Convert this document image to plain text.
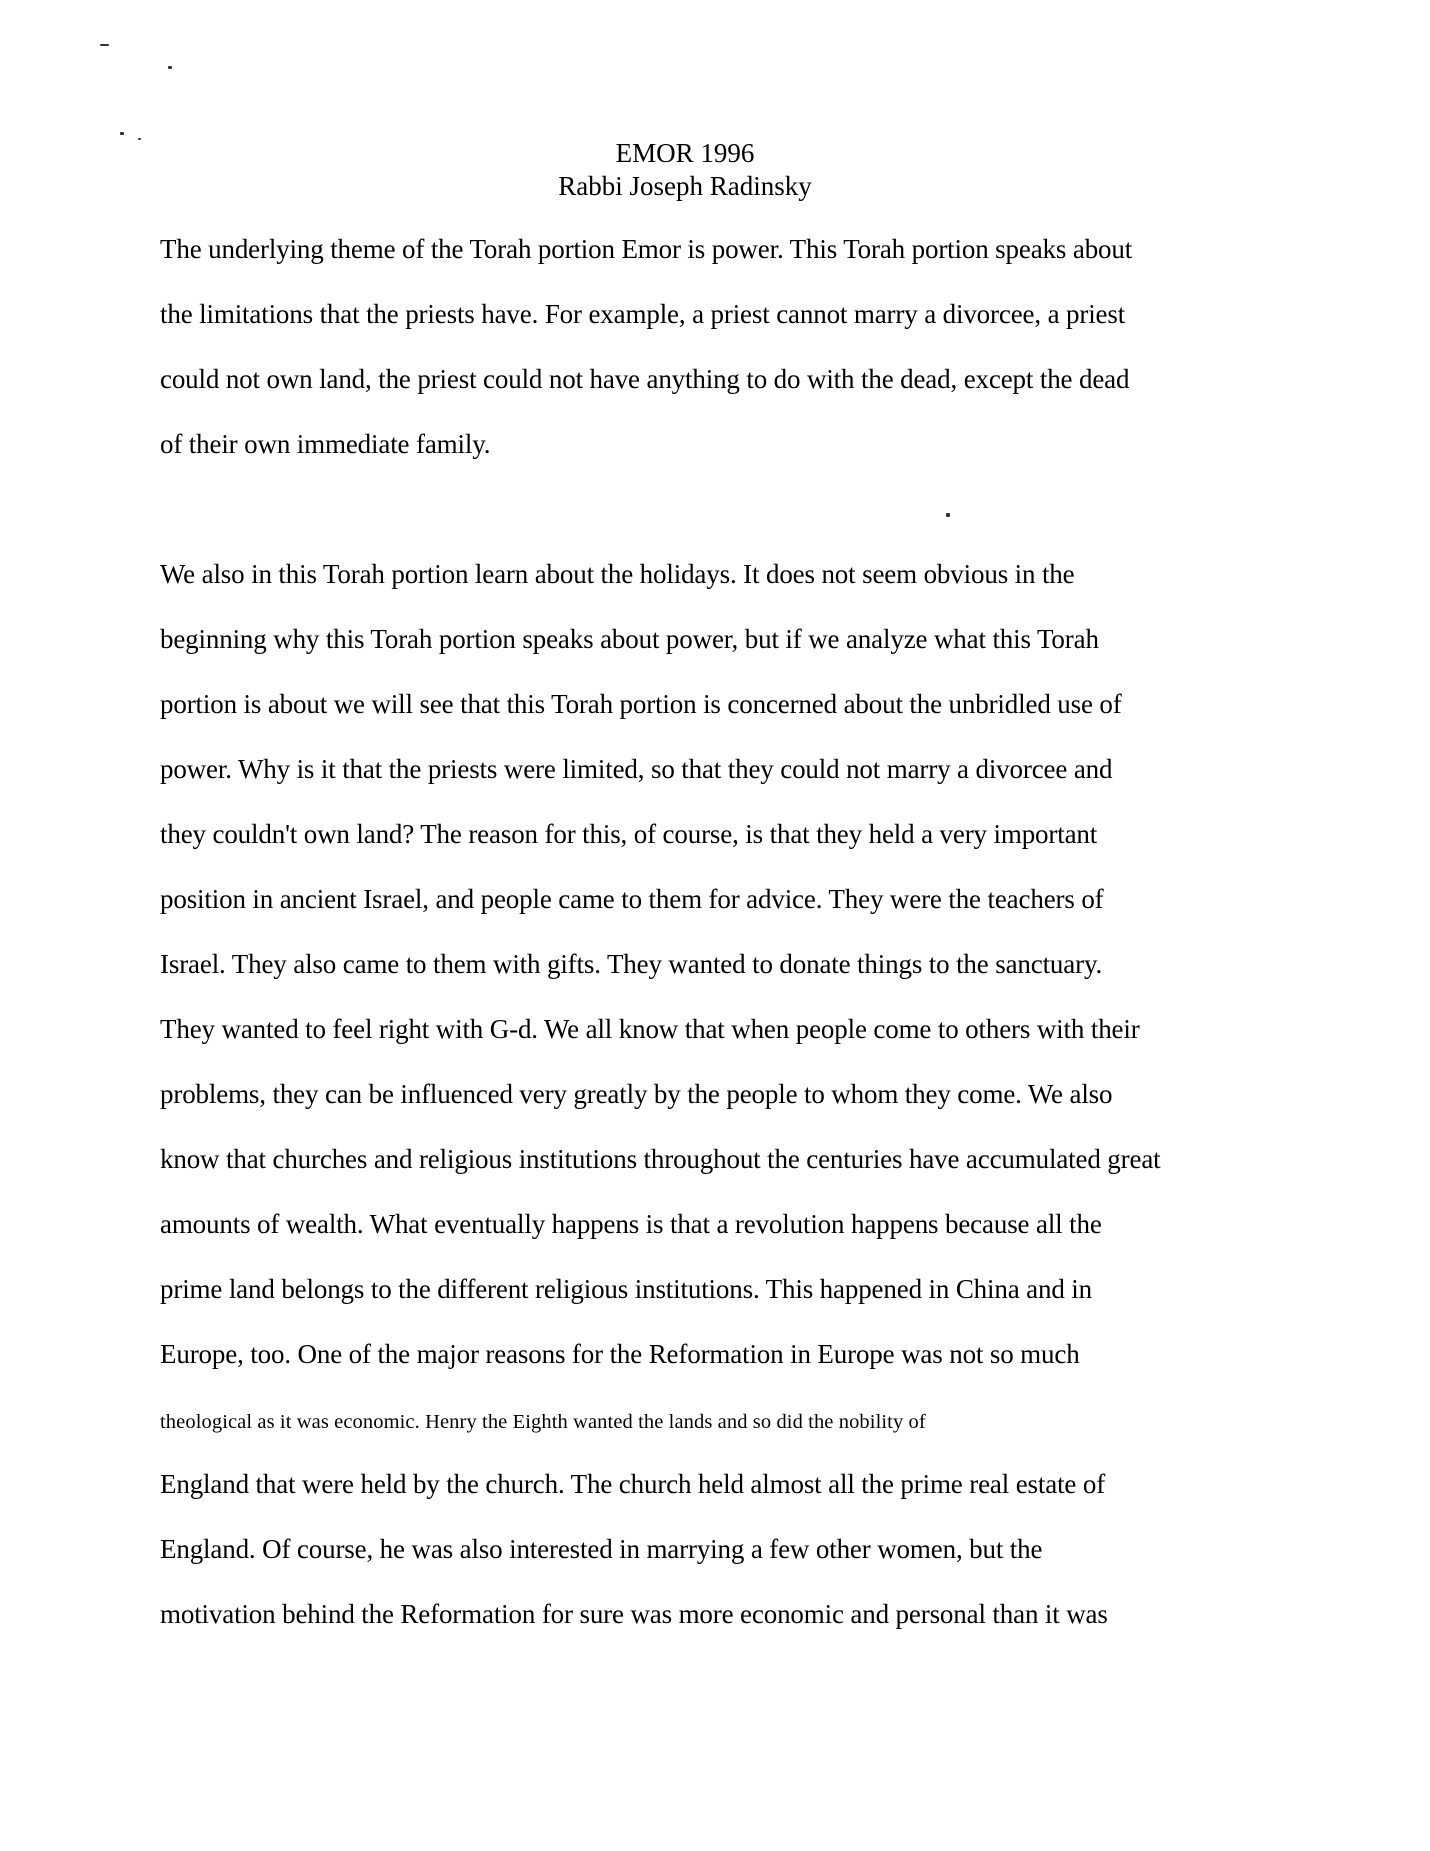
EMOR 1996
Rabbi Joseph Radinsky
The underlying theme of the Torah portion Emor is power. This Torah portion speaks about
the limitations that the priests have. For example, a priest cannot marry a divorcee, a priest
could not own land, the priest could not have anything to do with the dead, except the dead
of their own immediate family.
We also in this Torah portion learn about the holidays. It does not seem obvious in the
beginning why this Torah portion speaks about power, but if we analyze what this Torah
portion is about we will see that this Torah portion is concerned about the unbridled use of
power. Why is it that the priests were limited, so that they could not marry a divorcee and
they couldn't own land? The reason for this, of course, is that they held a very important
position in ancient Israel, and people came to them for advice. They were the teachers of
Israel. They also came to them with gifts. They wanted to donate things to the sanctuary.
They wanted to feel right with G-d. We all know that when people come to others with their
problems, they can be influenced very greatly by the people to whom they come. We also
know that churches and religious institutions throughout the centuries have accumulated great
amounts of wealth. What eventually happens is that a revolution happens because all the
prime land belongs to the different religious institutions. This happened in China and in
Europe, too. One of the major reasons for the Reformation in Europe was not so much
theological as it was economic. Henry the Eighth wanted the lands and so did the nobility of
England that were held by the church. The church held almost all the prime real estate of
England. Of course, he was also interested in marrying a few other women, but the
motivation behind the Reformation for sure was more economic and personal than it was
